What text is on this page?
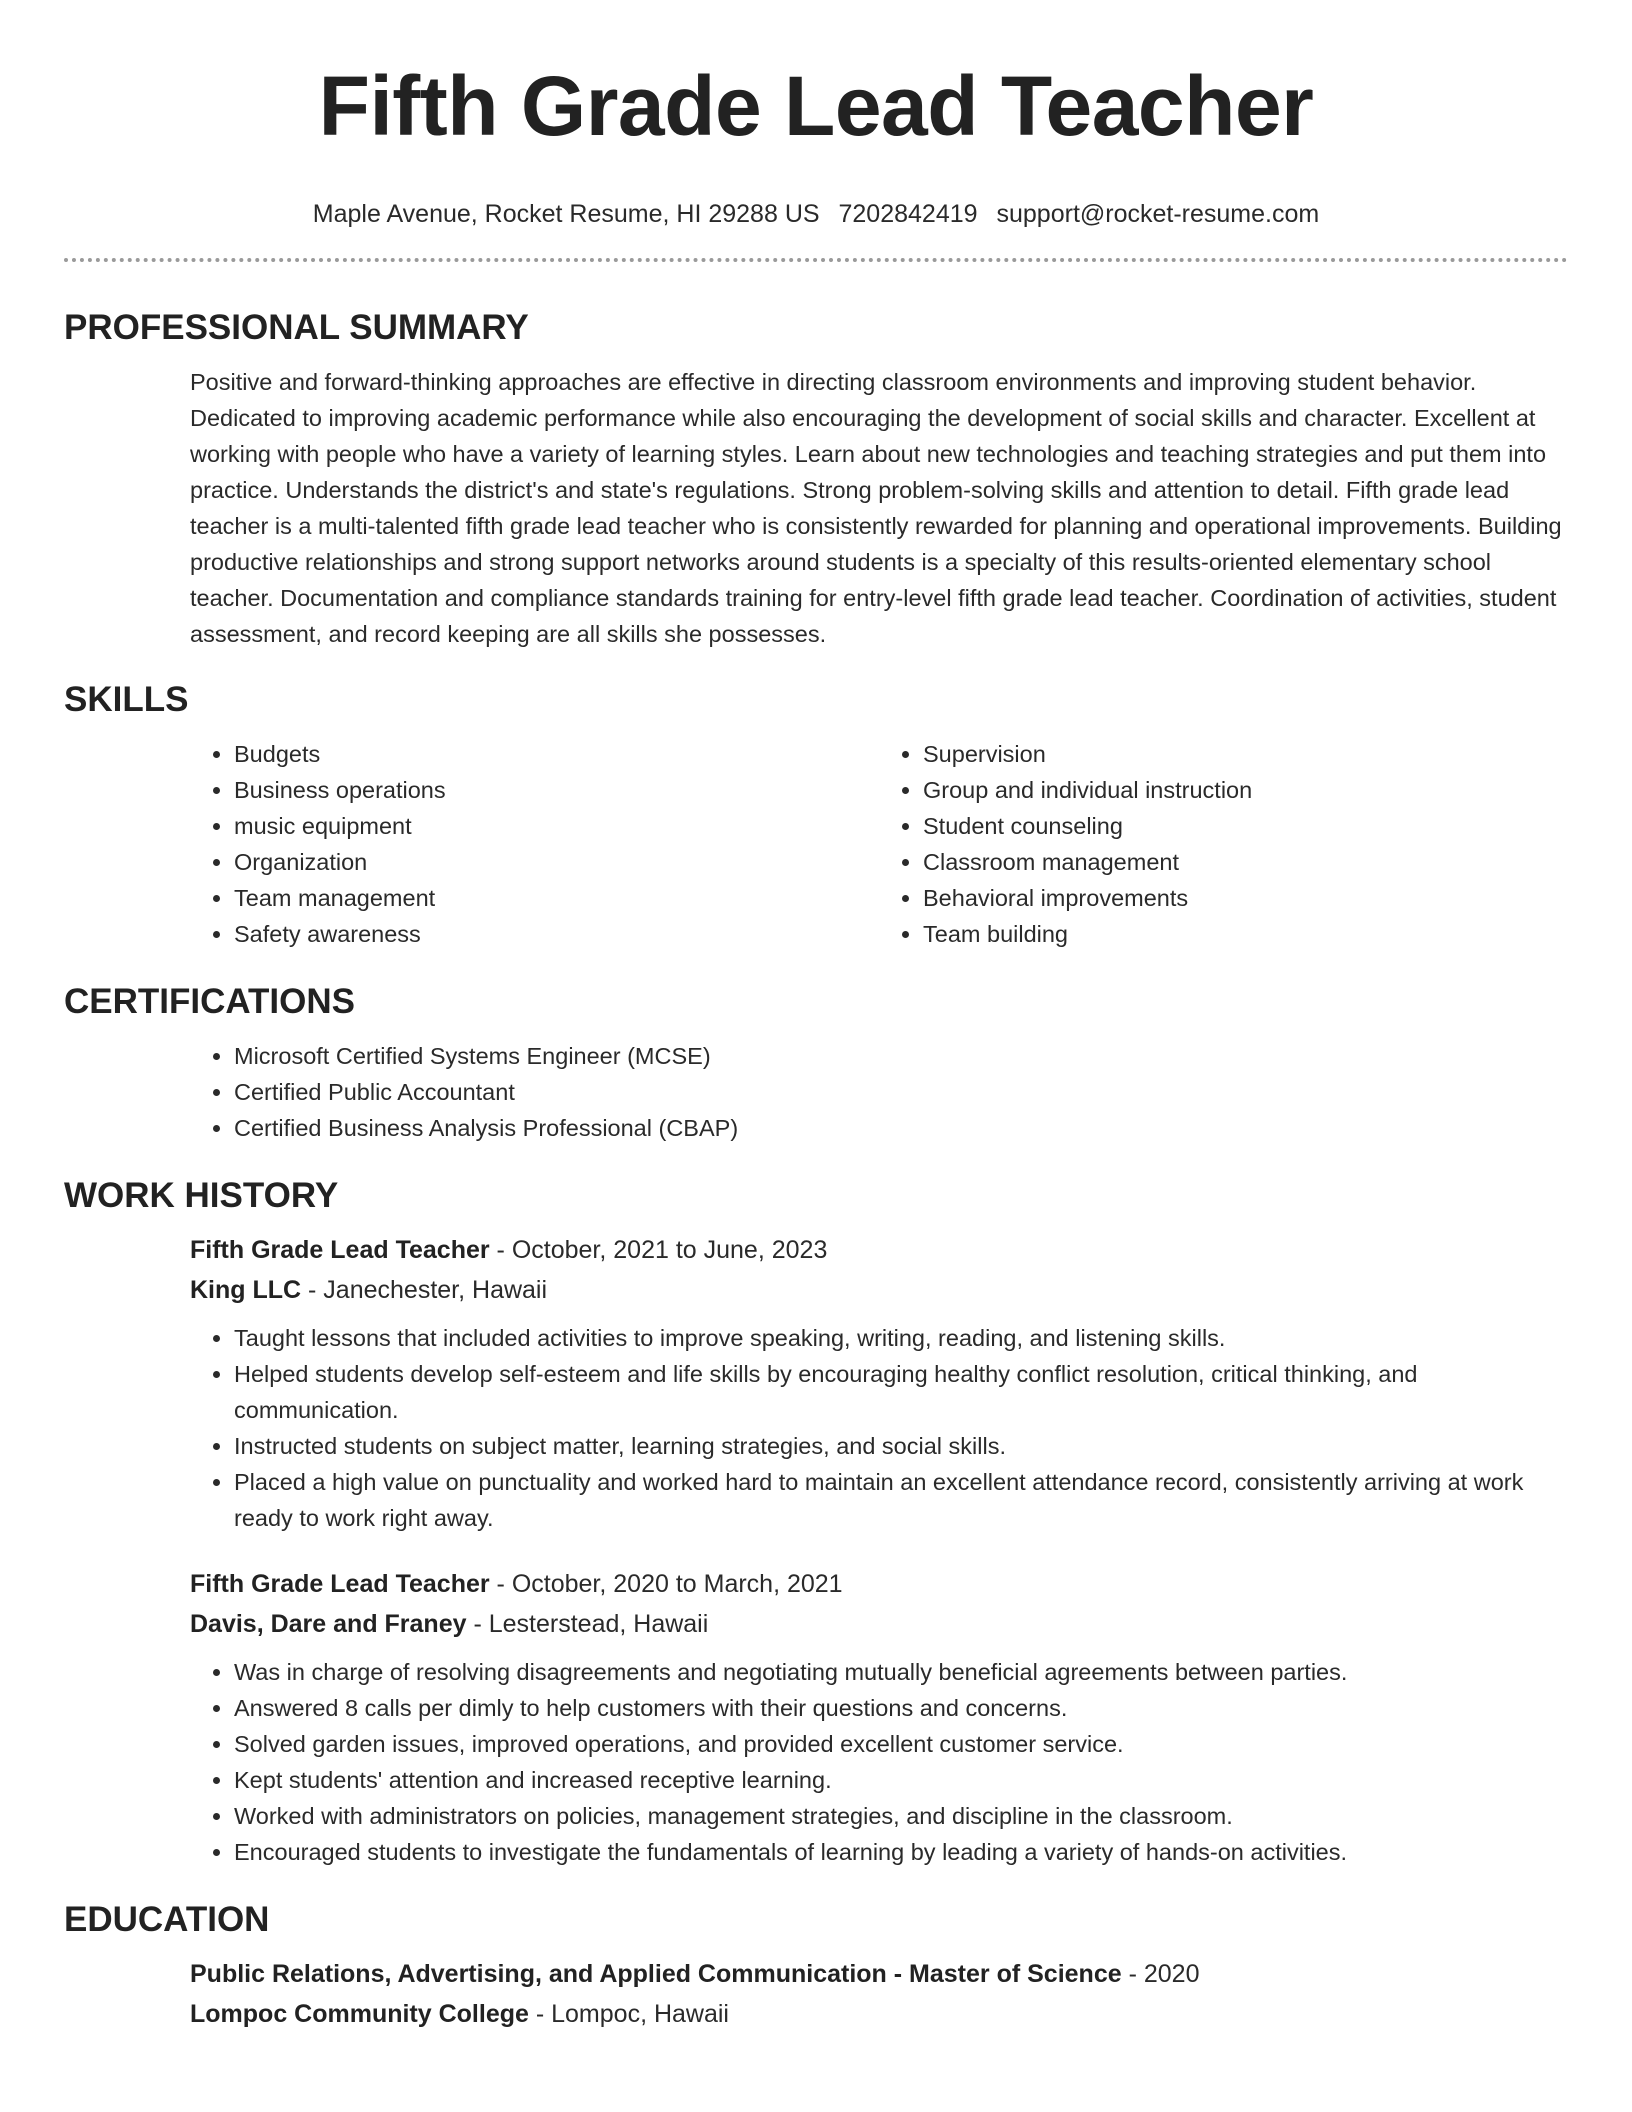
Fifth Grade Lead Teacher
Maple Avenue, Rocket Resume, HI 29288 US 7202842419 support@rocket-resume.com
PROFESSIONAL SUMMARY

Positive and forward-thinking approaches are effective in directing classroom environments and improving student behavior. Dedicated to improving academic performance while also encouraging the development of social skills and character. Excellent at working with people who have a variety of learning styles. Learn about new technologies and teaching strategies and put them into practice. Understands the district's and state's regulations. Strong problem-solving skills and attention to detail. Fifth grade lead teacher is a multi-talented fifth grade lead teacher who is consistently rewarded for planning and operational improvements. Building productive relationships and strong support networks around students is a specialty of this results-oriented elementary school teacher. Documentation and compliance standards training for entry-level fifth grade lead teacher. Coordination of activities, student assessment, and record keeping are all skills she possesses.

SKILLS
• Budgets
• Business operations
• music equipment
• Organization
• Team management
• Safety awareness
• Supervision
• Group and individual instruction
• Student counseling
• Classroom management
• Behavioral improvements
• Team building
CERTIFICATIONS
• Microsoft Certified Systems Engineer (MCSE)
• Certified Public Accountant
• Certified Business Analysis Professional (CBAP)
WORK HISTORY
Fifth Grade Lead Teacher - October, 2021 to June, 2023
King LLC - Janechester, Hawaii
• Taught lessons that included activities to improve speaking, writing, reading, and listening skills.
• Helped students develop self-esteem and life skills by encouraging healthy conflict resolution, critical thinking, and communication.
• Instructed students on subject matter, learning strategies, and social skills.
• Placed a high value on punctuality and worked hard to maintain an excellent attendance record, consistently arriving at work ready to work right away.
Fifth Grade Lead Teacher - October, 2020 to March, 2021
Davis, Dare and Franey - Lesterstead, Hawaii
• Was in charge of resolving disagreements and negotiating mutually beneficial agreements between parties.
• Answered 8 calls per dimly to help customers with their questions and concerns.
• Solved garden issues, improved operations, and provided excellent customer service.
• Kept students' attention and increased receptive learning.
• Worked with administrators on policies, management strategies, and discipline in the classroom.
• Encouraged students to investigate the fundamentals of learning by leading a variety of hands-on activities.
EDUCATION
Public Relations, Advertising, and Applied Communication - Master of Science - 2020
Lompoc Community College - Lompoc, Hawaii
